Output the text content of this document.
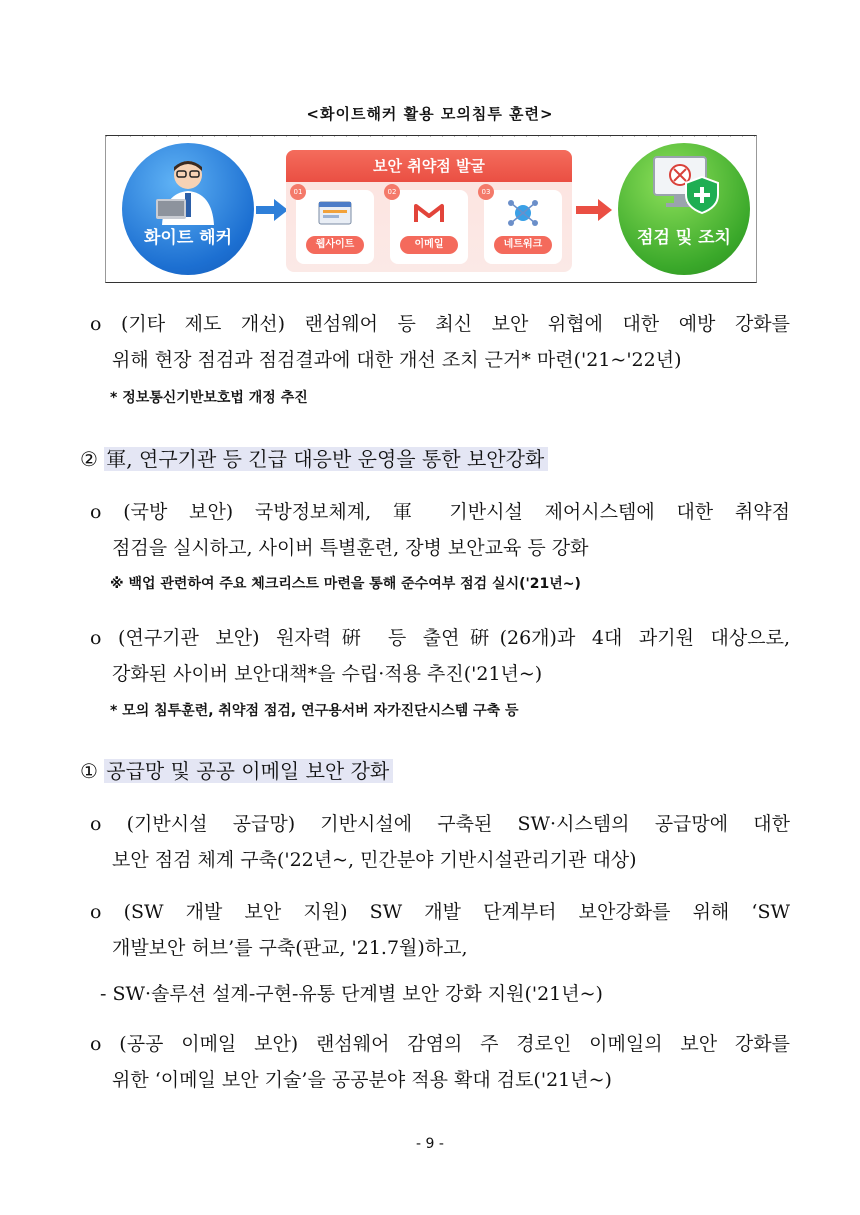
<화이트해커 활용 모의침투 훈련>
화이트 해커
보안 취약점 발굴
01
웹사이트
02
이메일
03
네트워크	점검 및 조치
o (기타 제도 개선) 랜섬웨어 등 최신 보안 위협에 대한 예방 강화를
위해 현장 점검과 점검결과에 대한 개선 조치 근거* 마련('21~'22년)
* 정보통신기반보호법 개정 추진
② 軍, 연구기관 등 긴급 대응반 운영을 통한 보안강화
o (국방 보안) 국방정보체계, 軍 기반시설 제어시스템에 대한 취약점
점검을 실시하고, 사이버 특별훈련, 장병 보안교육 등 강화
※ 백업 관련하여 주요 체크리스트 마련을 통해 준수여부 점검 실시('21년~)
o (연구기관 보안) 원자력硏 등 출연硏(26개)과 4대 과기원 대상으로,
강화된 사이버 보안대책*을 수립·적용 추진('21년~)
* 모의 침투훈련, 취약점 점검, 연구용서버 자가진단시스템 구축 등
① 공급망 및 공공 이메일 보안 강화
o (기반시설 공급망) 기반시설에 구축된 SW·시스템의 공급망에 대한
보안 점검 체계 구축('22년~, 민간분야 기반시설관리기관 대상)
o (SW 개발 보안 지원) SW 개발 단계부터 보안강화를 위해 ‘SW
개발보안 허브’를 구축(판교, '21.7월)하고,
- SW·솔루션 설계-구현-유통 단계별 보안 강화 지원('21년~)
o (공공 이메일 보안) 랜섬웨어 감염의 주 경로인 이메일의 보안 강화를
위한 ‘이메일 보안 기술’을 공공분야 적용 확대 검토('21년~)
- 9 -
